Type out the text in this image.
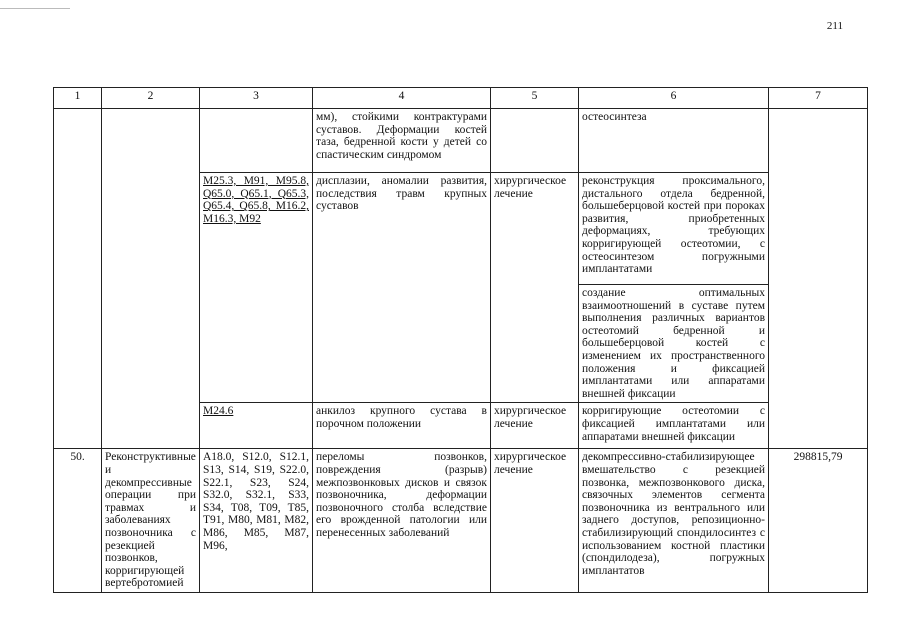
211
1	2	3	4	5	6	7
			мм), стойкими контрактурами суставов. Деформации костей таза, бедренной кости у детей со спастическим синдромом		остеосинтеза	
		M25.3, M91, M95.8, Q65.0, Q65.1, Q65.3, Q65.4, Q65.8, M16.2, M16.3, M92	дисплазии, аномалии развития, последствия травм крупных суставов	хирургическое лечение	реконструкция проксимального, дистального отдела бедренной, большеберцовой костей при пороках развития, приобретенных деформациях, требующих корригирующей остеотомии, с остеосинтезом погружными имплантатами	
					создание оптимальных взаимоотношений в суставе путем выполнения различных вариантов остеотомий бедренной и большеберцовой костей с изменением их пространственного положения и фиксацией имплантатами или аппаратами внешней фиксации	
		M24.6	анкилоз крупного сустава в порочном положении	хирургическое лечение	корригирующие остеотомии с фиксацией имплантатами или аппаратами внешней фиксации	
50.	Реконструктивные и декомпрессивные операции при травмах и заболеваниях позвоночника с резекцией позвонков, корригирующей вертебротомией	A18.0, S12.0, S12.1, S13, S14, S19, S22.0, S22.1, S23, S24, S32.0, S32.1, S33, S34, T08, T09, T85, T91, M80, M81, M82, M86, M85, M87, M96,	переломы позвонков, повреждения (разрыв) межпозвонковых дисков и связок позвоночника, деформации позвоночного столба вследствие его врожденной патологии или перенесенных заболеваний	хирургическое лечение	декомпрессивно-стабилизирующее вмешательство с резекцией позвонка, межпозвонкового диска, связочных элементов сегмента позвоночника из вентрального или заднего доступов, репозиционно-стабилизирующий спондилосинтез с использованием костной пластики (спондилодеза), погружных имплантатов	298815,79
